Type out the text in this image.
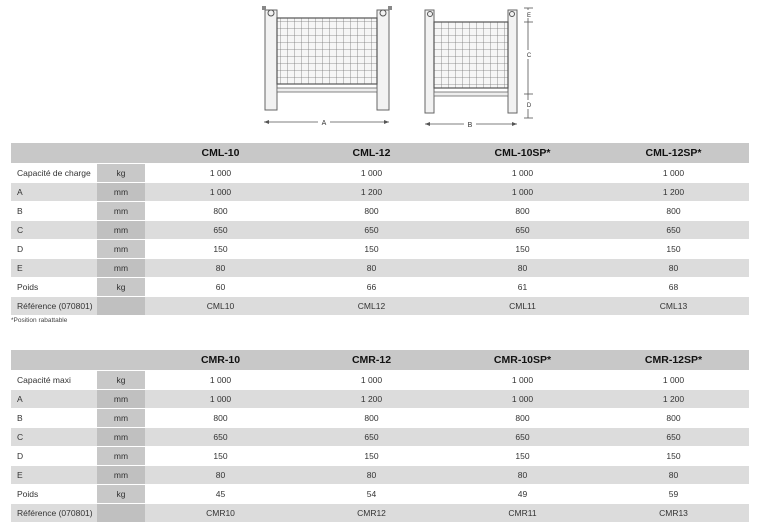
A	B
E
C
D
		CML-10	CML-12	CML-10SP*	CML-12SP*
Capacité de charge	kg	1 000	1 000	1 000	1 000
A	mm	1 000	1 200	1 000	1 200
B	mm	800	800	800	800
C	mm	650	650	650	650
D	mm	150	150	150	150
E	mm	80	80	80	80
Poids	kg	60	66	61	68
Référence (070801)		CML10	CML12	CML11	CML13
*Position rabattable
		CMR-10	CMR-12	CMR-10SP*	CMR-12SP*
Capacité maxi	kg	1 000	1 000	1 000	1 000
A	mm	1 000	1 200	1 000	1 200
B	mm	800	800	800	800
C	mm	650	650	650	650
D	mm	150	150	150	150
E	mm	80	80	80	80
Poids	kg	45	54	49	59
Référence (070801)		CMR10	CMR12	CMR11	CMR13
